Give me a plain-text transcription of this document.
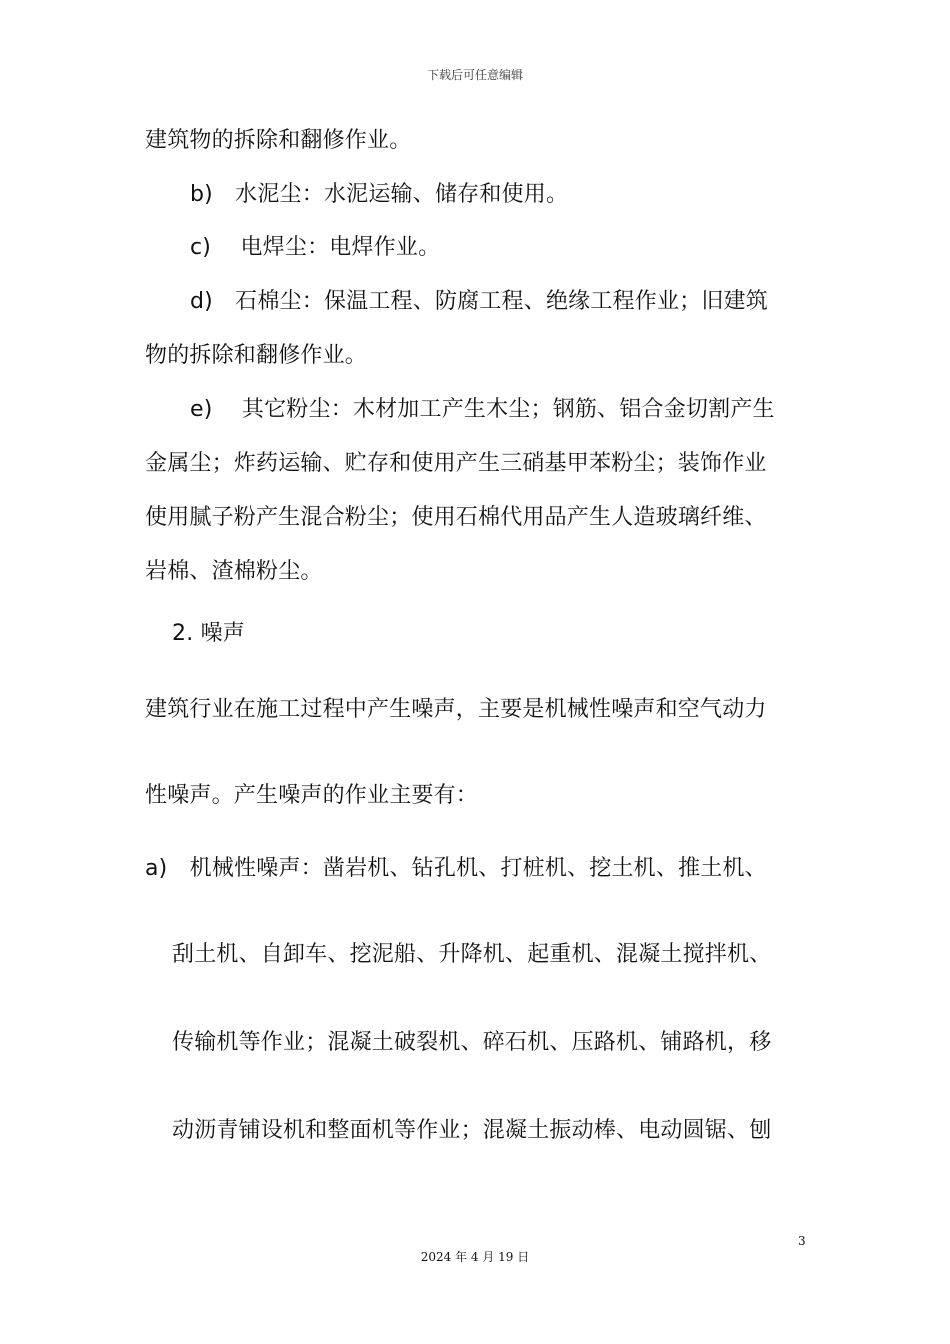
下载后可任意编辑
建筑物的拆除和翻修作业。
b)　水泥尘：水泥运输、储存和使用。
c)　 电焊尘：电焊作业。
d)　石棉尘：保温工程、防腐工程、绝缘工程作业；旧建筑
物的拆除和翻修作业。
e)　 其它粉尘：木材加工产生木尘；钢筋、铝合金切割产生
金属尘；炸药运输、贮存和使用产生三硝基甲苯粉尘；装饰作业
使用腻子粉产生混合粉尘；使用石棉代用品产生人造玻璃纤维、
岩棉、渣棉粉尘。
2. 噪声
建筑行业在施工过程中产生噪声，主要是机械性噪声和空气动力
性噪声。产生噪声的作业主要有：
a)　机械性噪声：凿岩机、钻孔机、打桩机、挖土机、推土机、
刮土机、自卸车、挖泥船、升降机、起重机、混凝土搅拌机、
传输机等作业；混凝土破裂机、碎石机、压路机、铺路机，移
动沥青铺设机和整面机等作业；混凝土振动棒、电动圆锯、刨
3
2024 年 4 月 19 日
